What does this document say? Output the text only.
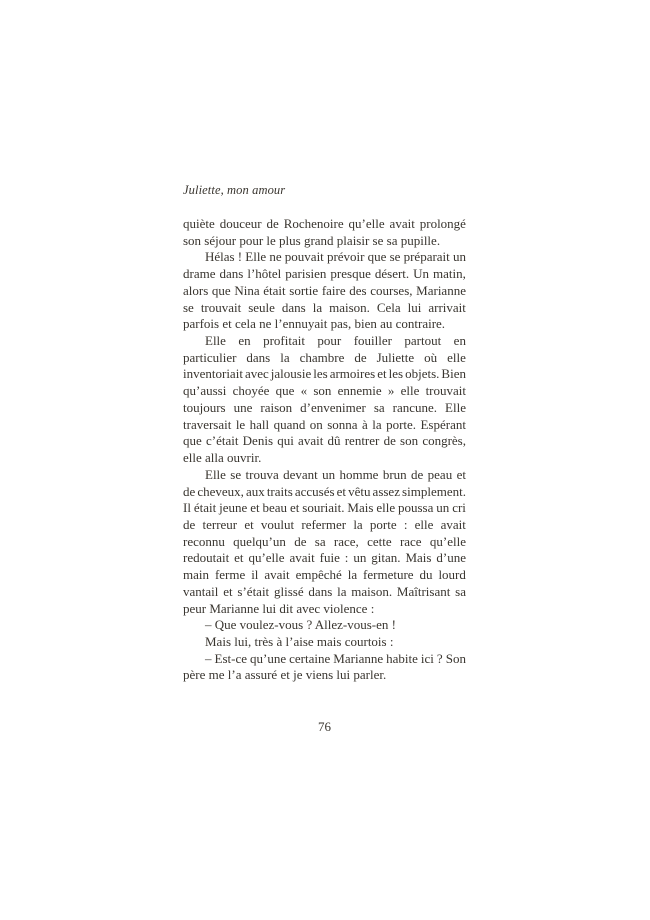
Juliette, mon amour
quiète douceur de Rochenoire qu’elle avait prolongé
son séjour pour le plus grand plaisir se sa pupille.
Hélas ! Elle ne pouvait prévoir que se préparait un
drame dans l’hôtel parisien presque désert. Un matin,
alors que Nina était sortie faire des courses, Marianne
se trouvait seule dans la maison. Cela lui arrivait
parfois et cela ne l’ennuyait pas, bien au contraire.
Elle en profitait pour fouiller partout en
particulier dans la chambre de Juliette où elle
inventoriait avec jalousie les armoires et les objets. Bien
qu’aussi choyée que « son ennemie » elle trouvait
toujours une raison d’envenimer sa rancune. Elle
traversait le hall quand on sonna à la porte. Espérant
que c’était Denis qui avait dû rentrer de son congrès,
elle alla ouvrir.
Elle se trouva devant un homme brun de peau et
de cheveux, aux traits accusés et vêtu assez simplement.
Il était jeune et beau et souriait. Mais elle poussa un cri
de terreur et voulut refermer la porte : elle avait
reconnu quelqu’un de sa race, cette race qu’elle
redoutait et qu’elle avait fuie : un gitan. Mais d’une
main ferme il avait empêché la fermeture du lourd
vantail et s’était glissé dans la maison. Maîtrisant sa
peur Marianne lui dit avec violence :
– Que voulez-vous ? Allez-vous-en !
Mais lui, très à l’aise mais courtois :
– Est-ce qu’une certaine Marianne habite ici ? Son
père me l’a assuré et je viens lui parler.
76
